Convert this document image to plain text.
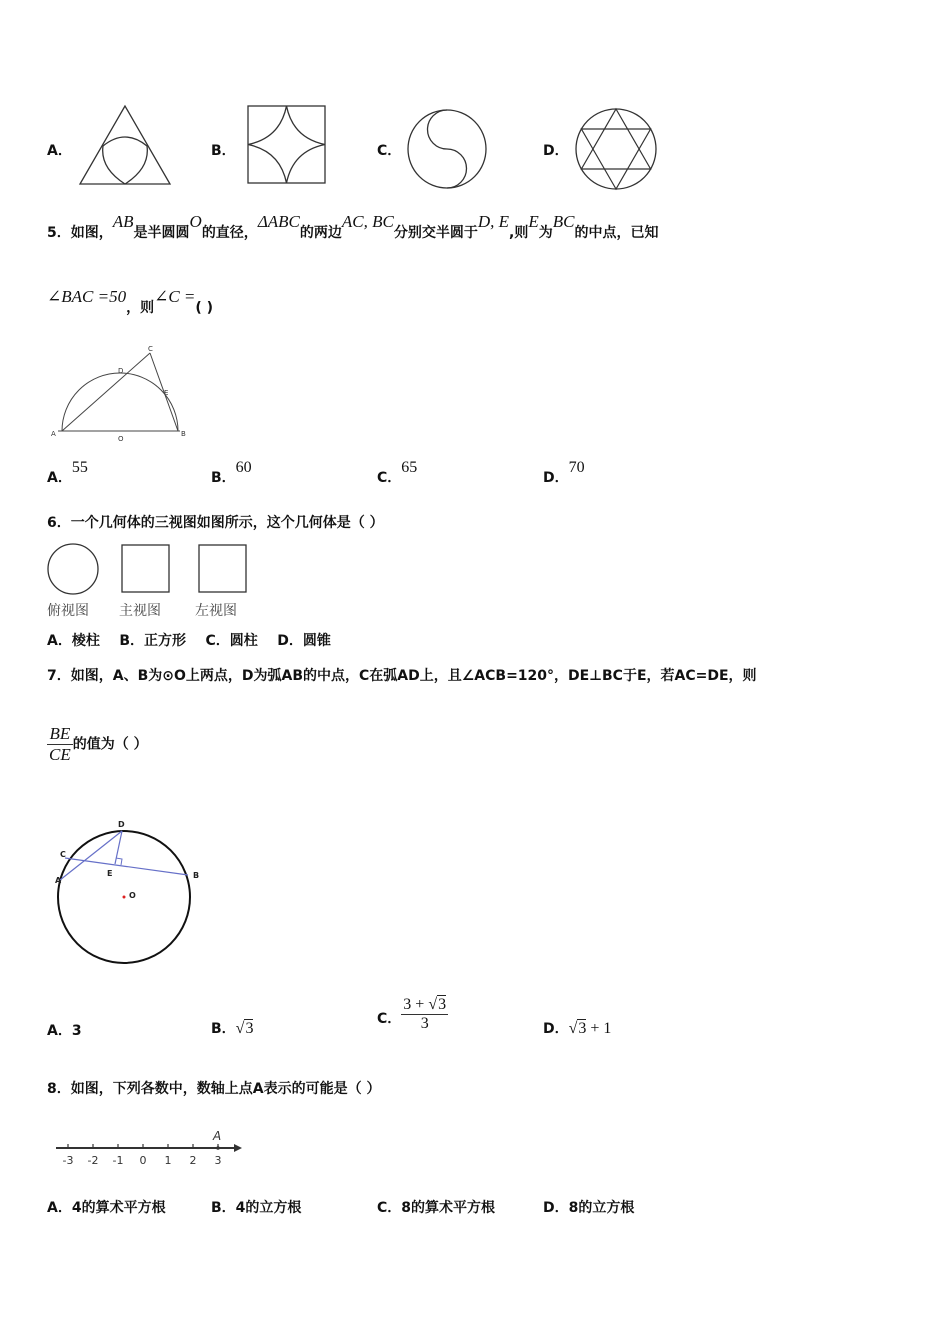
A．	B．	C．	D．
5．如图，AB是半圆圆O的直径，ΔABC的两边AC, BC分别交半圆于D, E,则E为BC的中点，已知
∠BAC =50，则∠C =( )
A	B
C
D
E
O
A．55
B．60
C．65
D．70
6．一个几何体的三视图如图所示，这个几何体是（ ）
俯视图 主视图 左视图
A．棱柱    B．正方形    C．圆柱    D．圆锥
7．如图，A、B为⊙O上两点，D为弧AB的中点，C在弧AD上，且∠ACB=120°，DE⊥BC于E，若AC=DE，则
$\frac{BE}{CE}$ 的值为（ ）
A
B
C
D
E
O
A．3	B．√3
C． $\frac{3 + √3}{3}$	D．√3 + 1
8．如图，下列各数中，数轴上点A表示的可能是（ ）
-3 -2 -1 0 1 2 3
A
A．4的算术平方根	B．4的立方根	C．8的算术平方根	D．8的立方根
